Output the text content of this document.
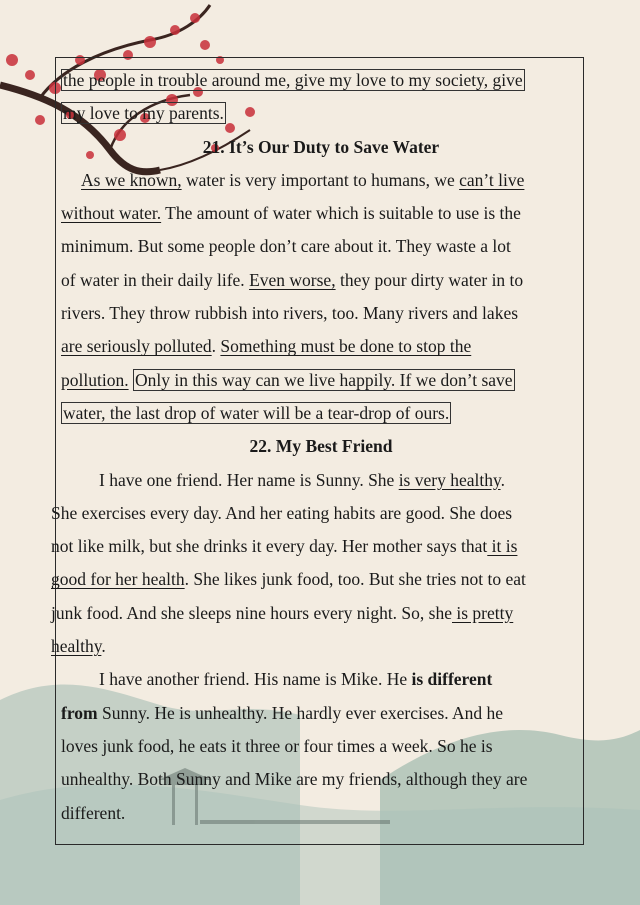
the people in trouble around me, give my love to my society, give
my love to my parents.
21. It’s Our Duty to Save Water
As we known, water is very important to humans, we can’t live
without water. The amount of water which is suitable to use is the
minimum. But some people don’t care about it. They waste a lot
of water in their daily life. Even worse, they pour dirty water in to
rivers. They throw rubbish into rivers, too. Many rivers and lakes
are seriously polluted. Something must be done to stop the
pollution. Only in this way can we live happily. If we don’t save
water, the last drop of water will be a tear-drop of ours.
22. My Best Friend
I have one friend. Her name is Sunny. She is very healthy.
She exercises every day. And her eating habits are good. She does
not like milk, but she drinks it every day. Her mother says that it is
good for her health. She likes junk food, too. But she tries not to eat
junk food. And she sleeps nine hours every night. So, she is pretty
healthy.
I have another friend. His name is Mike. He is different
from Sunny. He is unhealthy. He hardly ever exercises. And he
loves junk food, he eats it three or four times a week. So he is
unhealthy. Both Sunny and Mike are my friends, although they are
different.
